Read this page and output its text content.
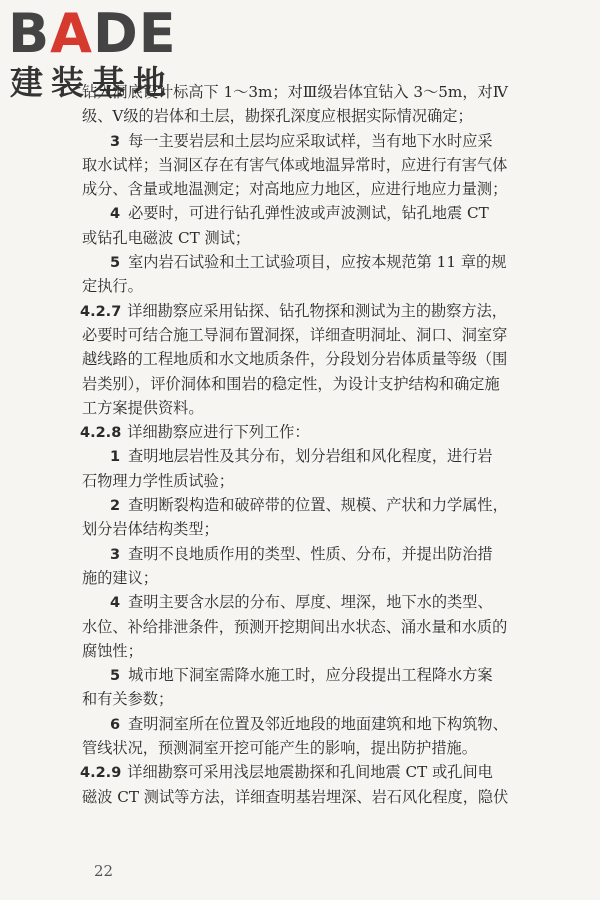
BADE
建装基地
钻入洞底设计标高下 1～3m；对Ⅲ级岩体宜钻入 3～5m，对Ⅳ
级、Ⅴ级的岩体和土层，勘探孔深度应根据实际情况确定；
3 每一主要岩层和土层均应采取试样，当有地下水时应采
取水试样；当洞区存在有害气体或地温异常时，应进行有害气体
成分、含量或地温测定；对高地应力地区，应进行地应力量测；
4 必要时，可进行钻孔弹性波或声波测试，钻孔地震 CT
或钻孔电磁波 CT 测试；
5 室内岩石试验和土工试验项目，应按本规范第 11 章的规
定执行。
4.2.7 详细勘察应采用钻探、钻孔物探和测试为主的勘察方法，
必要时可结合施工导洞布置洞探，详细查明洞址、洞口、洞室穿
越线路的工程地质和水文地质条件，分段划分岩体质量等级（围
岩类别），评价洞体和围岩的稳定性，为设计支护结构和确定施
工方案提供资料。
4.2.8 详细勘察应进行下列工作：
1 查明地层岩性及其分布，划分岩组和风化程度，进行岩
石物理力学性质试验；
2 查明断裂构造和破碎带的位置、规模、产状和力学属性，
划分岩体结构类型；
3 查明不良地质作用的类型、性质、分布，并提出防治措
施的建议；
4 查明主要含水层的分布、厚度、埋深，地下水的类型、
水位、补给排泄条件，预测开挖期间出水状态、涌水量和水质的
腐蚀性；
5 城市地下洞室需降水施工时，应分段提出工程降水方案
和有关参数；
6 查明洞室所在位置及邻近地段的地面建筑和地下构筑物、
管线状况，预测洞室开挖可能产生的影响，提出防护措施。
4.2.9 详细勘察可采用浅层地震勘探和孔间地震 CT 或孔间电
磁波 CT 测试等方法，详细查明基岩埋深、岩石风化程度，隐伏
22
